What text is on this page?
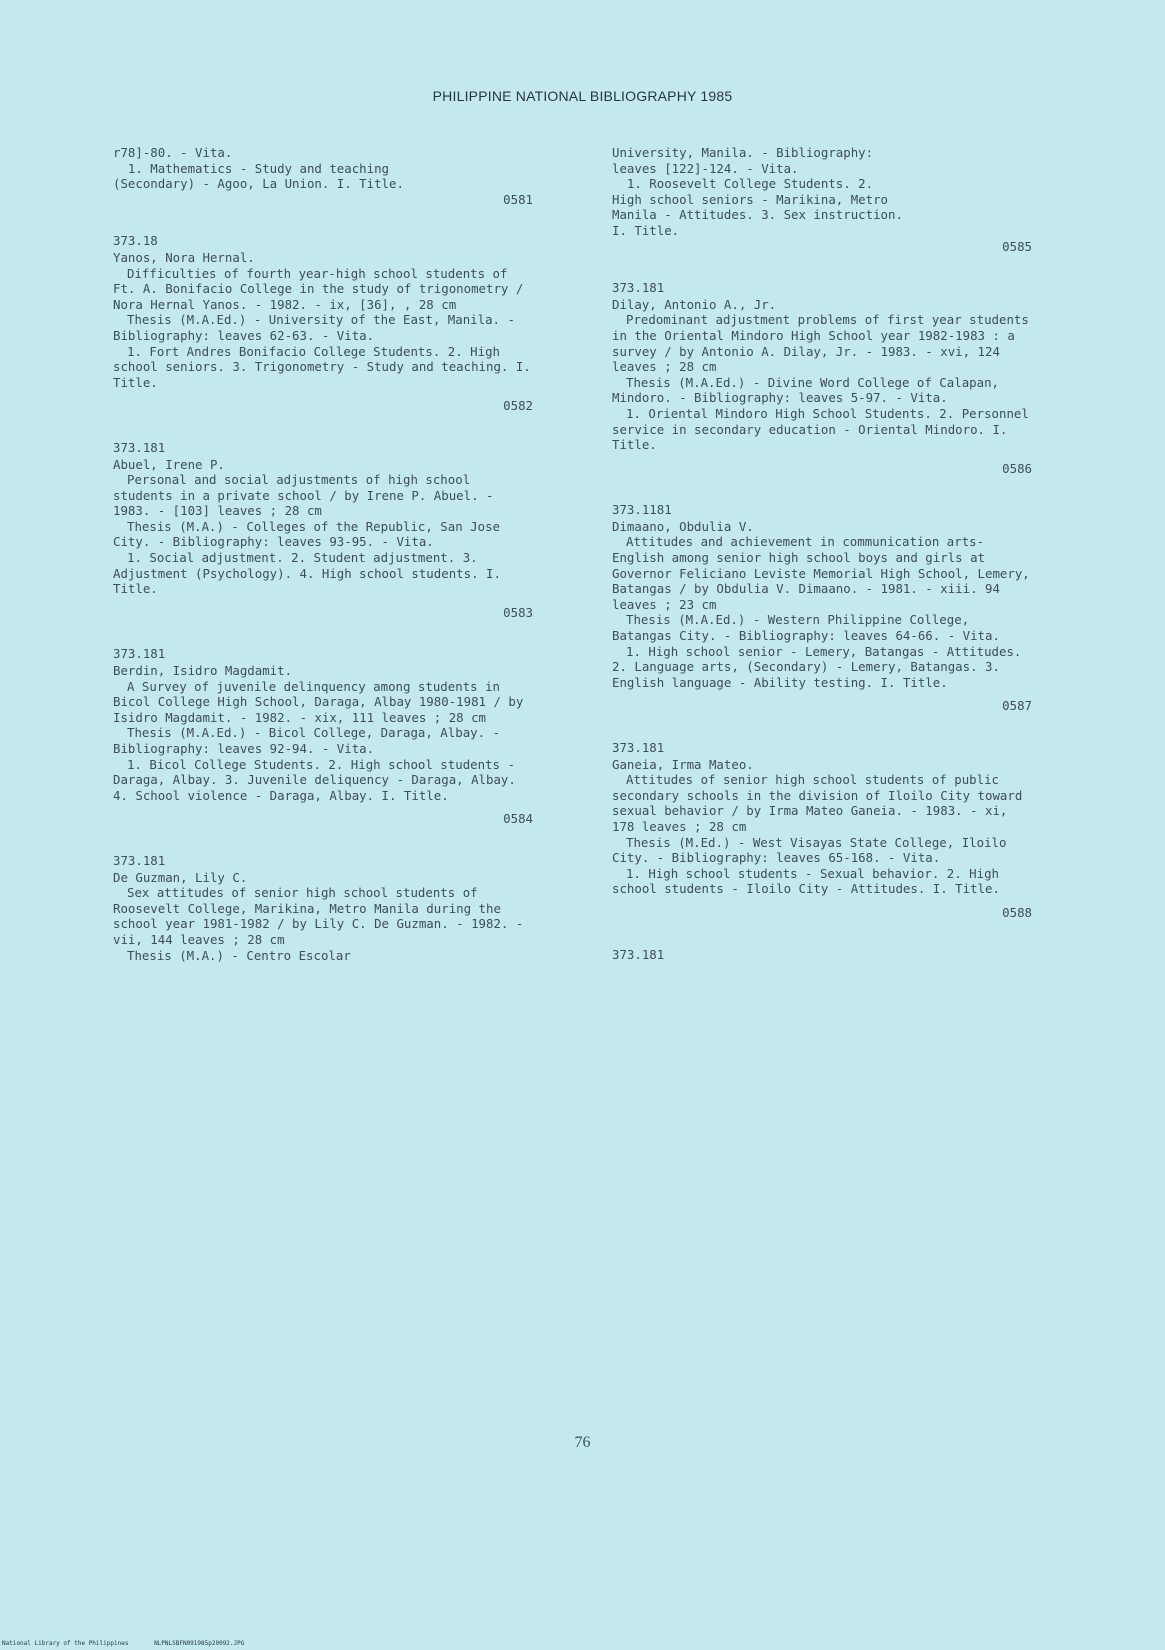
PHILIPPINE NATIONAL BIBLIOGRAPHY 1985
r78]-80. - Vita.
1. Mathematics - Study and teaching
(Secondary) - Agoo, La Union. I. Title.
0581
373.18
Yanos, Nora Hernal.
Difficulties of fourth year-high school students of Ft. A. Bonifacio College in the study of trigonometry / Nora Hernal Yanos. - 1982. - ix, [36], , 28 cm
Thesis (M.A.Ed.) - University of the East, Manila. - Bibliography: leaves 62-63. - Vita.
1. Fort Andres Bonifacio College Students. 2. High school seniors. 3. Trigonometry - Study and teaching. I. Title.
0582
373.181
Abuel, Irene P.
Personal and social adjustments of high school students in a private school / by Irene P. Abuel. - 1983. - [103] leaves ; 28 cm
Thesis (M.A.) - Colleges of the Republic, San Jose City. - Bibliography: leaves 93-95. - Vita.
1. Social adjustment. 2. Student adjustment. 3. Adjustment (Psychology). 4. High school students. I. Title.
0583
373.181
Berdin, Isidro Magdamit.
A Survey of juvenile delinquency among students in Bicol College High School, Daraga, Albay 1980-1981 / by Isidro Magdamit. - 1982. - xix, 111 leaves ; 28 cm
Thesis (M.A.Ed.) - Bicol College, Daraga, Albay. - Bibliography: leaves 92-94. - Vita.
1. Bicol College Students. 2. High school students - Daraga, Albay. 3. Juvenile deliquency - Daraga, Albay. 4. School violence - Daraga, Albay. I. Title.
0584
373.181
De Guzman, Lily C.
Sex attitudes of senior high school students of Roosevelt College, Marikina, Metro Manila during the school year 1981-1982 / by Lily C. De Guzman. - 1982. - vii, 144 leaves ; 28 cm
Thesis (M.A.) - Centro Escolar
University, Manila. - Bibliography:
leaves [122]-124. - Vita.
1. Roosevelt College Students. 2.
High school seniors - Marikina, Metro
Manila - Attitudes. 3. Sex instruction.
I. Title.
0585
373.181
Dilay, Antonio A., Jr.
Predominant adjustment problems of first year students in the Oriental Mindoro High School year 1982-1983 : a survey / by Antonio A. Dilay, Jr. - 1983. - xvi, 124 leaves ; 28 cm
Thesis (M.A.Ed.) - Divine Word College of Calapan, Mindoro. - Bibliography: leaves 5-97. - Vita.
1. Oriental Mindoro High School Students. 2. Personnel service in secondary education - Oriental Mindoro. I. Title.
0586
373.1181
Dimaano, Obdulia V.
Attitudes and achievement in communication arts-English among senior high school boys and girls at Governor Feliciano Leviste Memorial High School, Lemery, Batangas / by Obdulia V. Dimaano. - 1981. - xiii. 94 leaves ; 23 cm
Thesis (M.A.Ed.) - Western Philippine College, Batangas City. - Bibliography: leaves 64-66. - Vita.
1. High school senior - Lemery, Batangas - Attitudes. 2. Language arts, (Secondary) - Lemery, Batangas. 3. English language - Ability testing. I. Title.
0587
373.181
Ganeia, Irma Mateo.
Attitudes of senior high school students of public secondary schools in the division of Iloilo City toward sexual behavior / by Irma Mateo Ganeia. - 1983. - xi, 178 leaves ; 28 cm
Thesis (M.Ed.) - West Visayas State College, Iloilo City. - Bibliography: leaves 65-168. - Vita.
1. High school students - Sexual behavior. 2. High school students - Iloilo City - Attitudes. I. Title.
0588
373.181
76
National Library of the Philippines	NLPNLSBFN091985p20092.JPG
